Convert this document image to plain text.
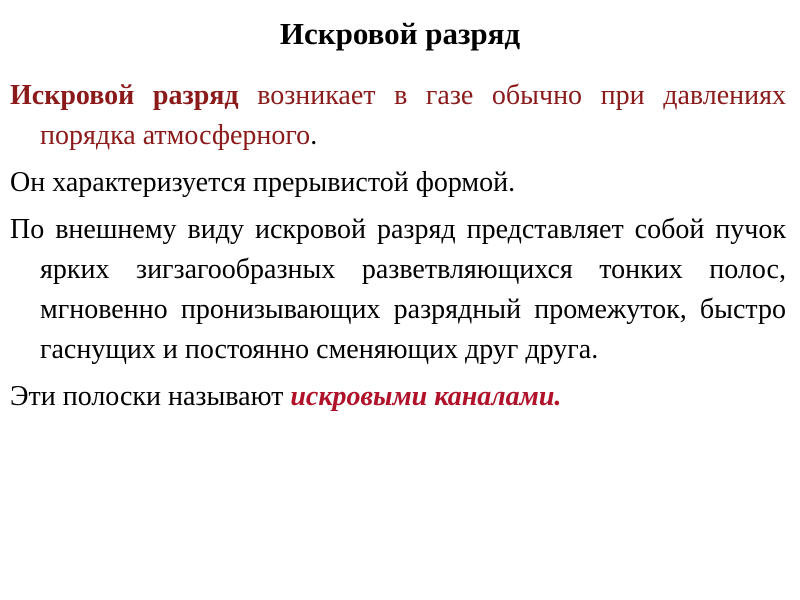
Искровой разряд

Искровой разряд возникает в газе обычно при давлениях порядка атмосферного.

Он характеризуется прерывистой формой.

По внешнему виду искровой разряд представляет собой пучок ярких зигзагообразных разветвляющихся тонких полос, мгновенно пронизывающих разрядный промежуток, быстро гаснущих и постоянно сменяющих друг друга.

Эти полоски называют искровыми каналами.
